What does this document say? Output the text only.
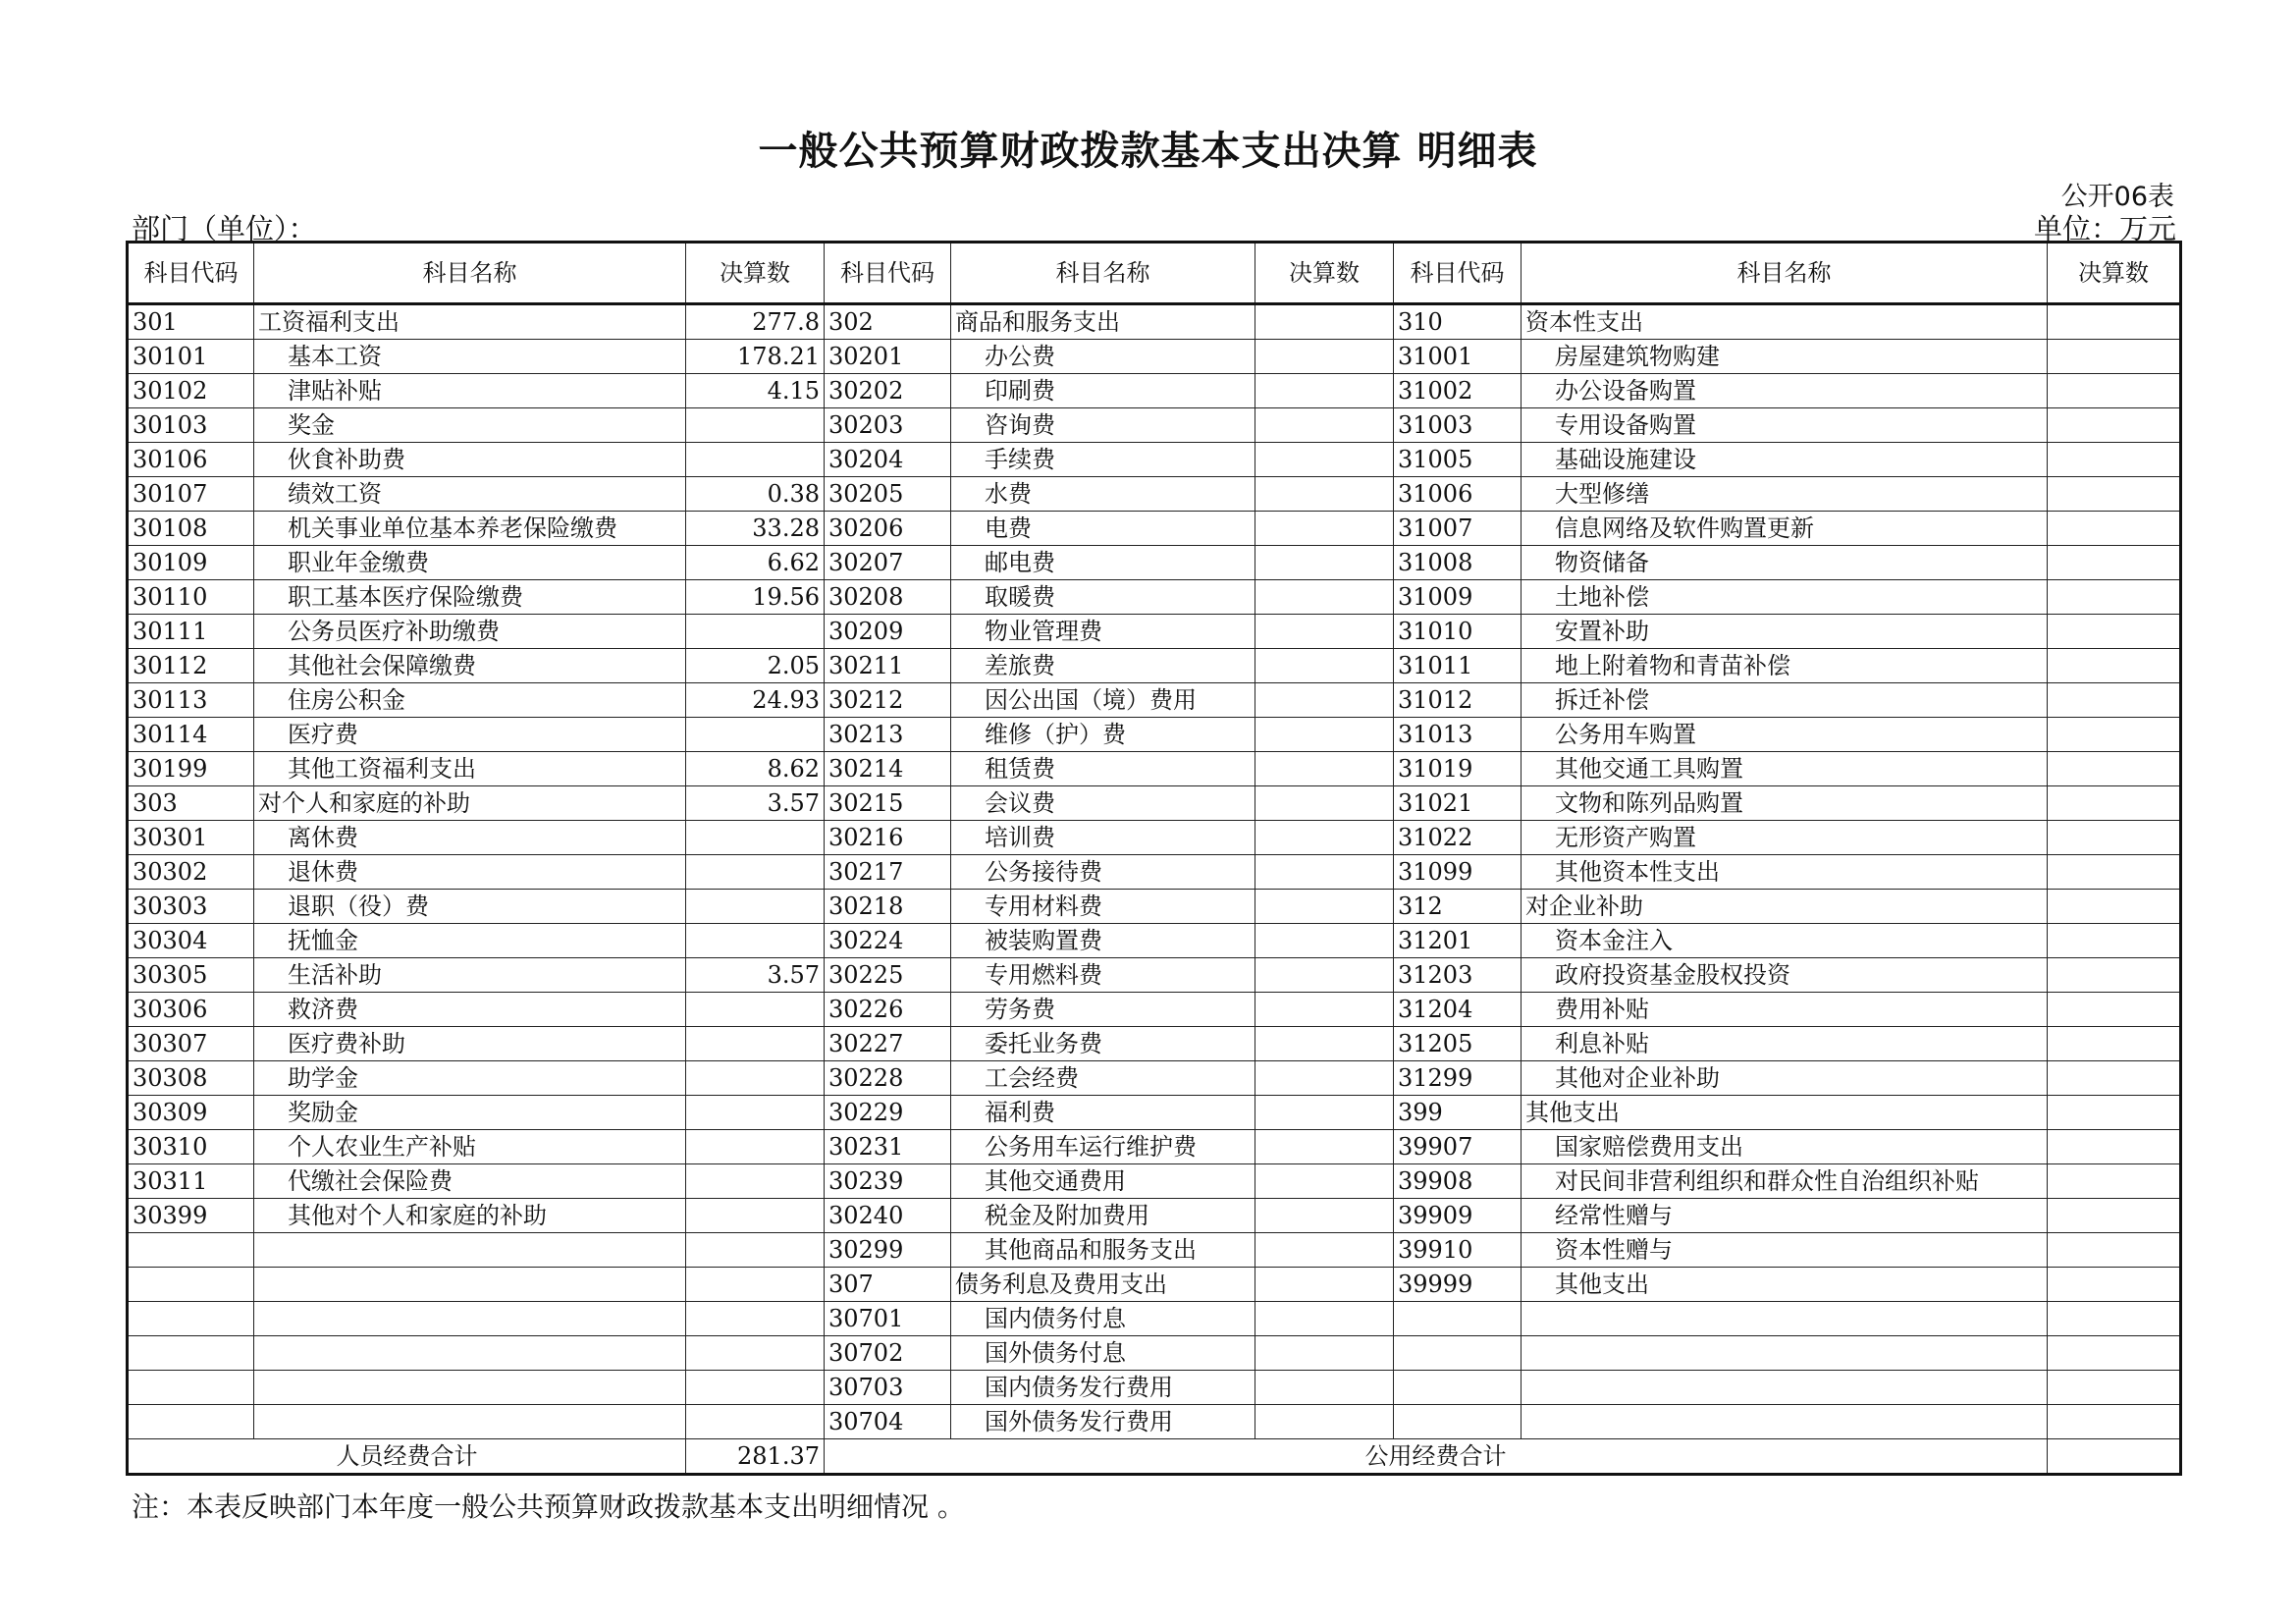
一般公共预算财政拨款基本支出决算 明细表
公开06表
部门（单位）：	单位：万元
科目代码	科目名称	决算数	科目代码	科目名称	决算数	科目代码	科目名称	决算数
301	工资福利支出	277.8	302	商品和服务支出		310	资本性支出	
30101	基本工资	178.21	30201	办公费		31001	房屋建筑物购建	
30102	津贴补贴	4.15	30202	印刷费		31002	办公设备购置	
30103	奖金		30203	咨询费		31003	专用设备购置	
30106	伙食补助费		30204	手续费		31005	基础设施建设	
30107	绩效工资	0.38	30205	水费		31006	大型修缮	
30108	机关事业单位基本养老保险缴费	33.28	30206	电费		31007	信息网络及软件购置更新	
30109	职业年金缴费	6.62	30207	邮电费		31008	物资储备	
30110	职工基本医疗保险缴费	19.56	30208	取暖费		31009	土地补偿	
30111	公务员医疗补助缴费		30209	物业管理费		31010	安置补助	
30112	其他社会保障缴费	2.05	30211	差旅费		31011	地上附着物和青苗补偿	
30113	住房公积金	24.93	30212	因公出国（境）费用		31012	拆迁补偿	
30114	医疗费		30213	维修（护）费		31013	公务用车购置	
30199	其他工资福利支出	8.62	30214	租赁费		31019	其他交通工具购置	
303	对个人和家庭的补助	3.57	30215	会议费		31021	文物和陈列品购置	
30301	离休费		30216	培训费		31022	无形资产购置	
30302	退休费		30217	公务接待费		31099	其他资本性支出	
30303	退职（役）费		30218	专用材料费		312	对企业补助	
30304	抚恤金		30224	被装购置费		31201	资本金注入	
30305	生活补助	3.57	30225	专用燃料费		31203	政府投资基金股权投资	
30306	救济费		30226	劳务费		31204	费用补贴	
30307	医疗费补助		30227	委托业务费		31205	利息补贴	
30308	助学金		30228	工会经费		31299	其他对企业补助	
30309	奖励金		30229	福利费		399	其他支出	
30310	个人农业生产补贴		30231	公务用车运行维护费		39907	国家赔偿费用支出	
30311	代缴社会保险费		30239	其他交通费用		39908	对民间非营利组织和群众性自治组织补贴	
30399	其他对个人和家庭的补助		30240	税金及附加费用		39909	经常性赠与	
			30299	其他商品和服务支出		39910	资本性赠与	
			307	债务利息及费用支出		39999	其他支出	
			30701	国内债务付息				
			30702	国外债务付息				
			30703	国内债务发行费用				
			30704	国外债务发行费用				
人员经费合计		281.37	公用经费合计					
注：本表反映部门本年度一般公共预算财政拨款基本支出明细情况 。
